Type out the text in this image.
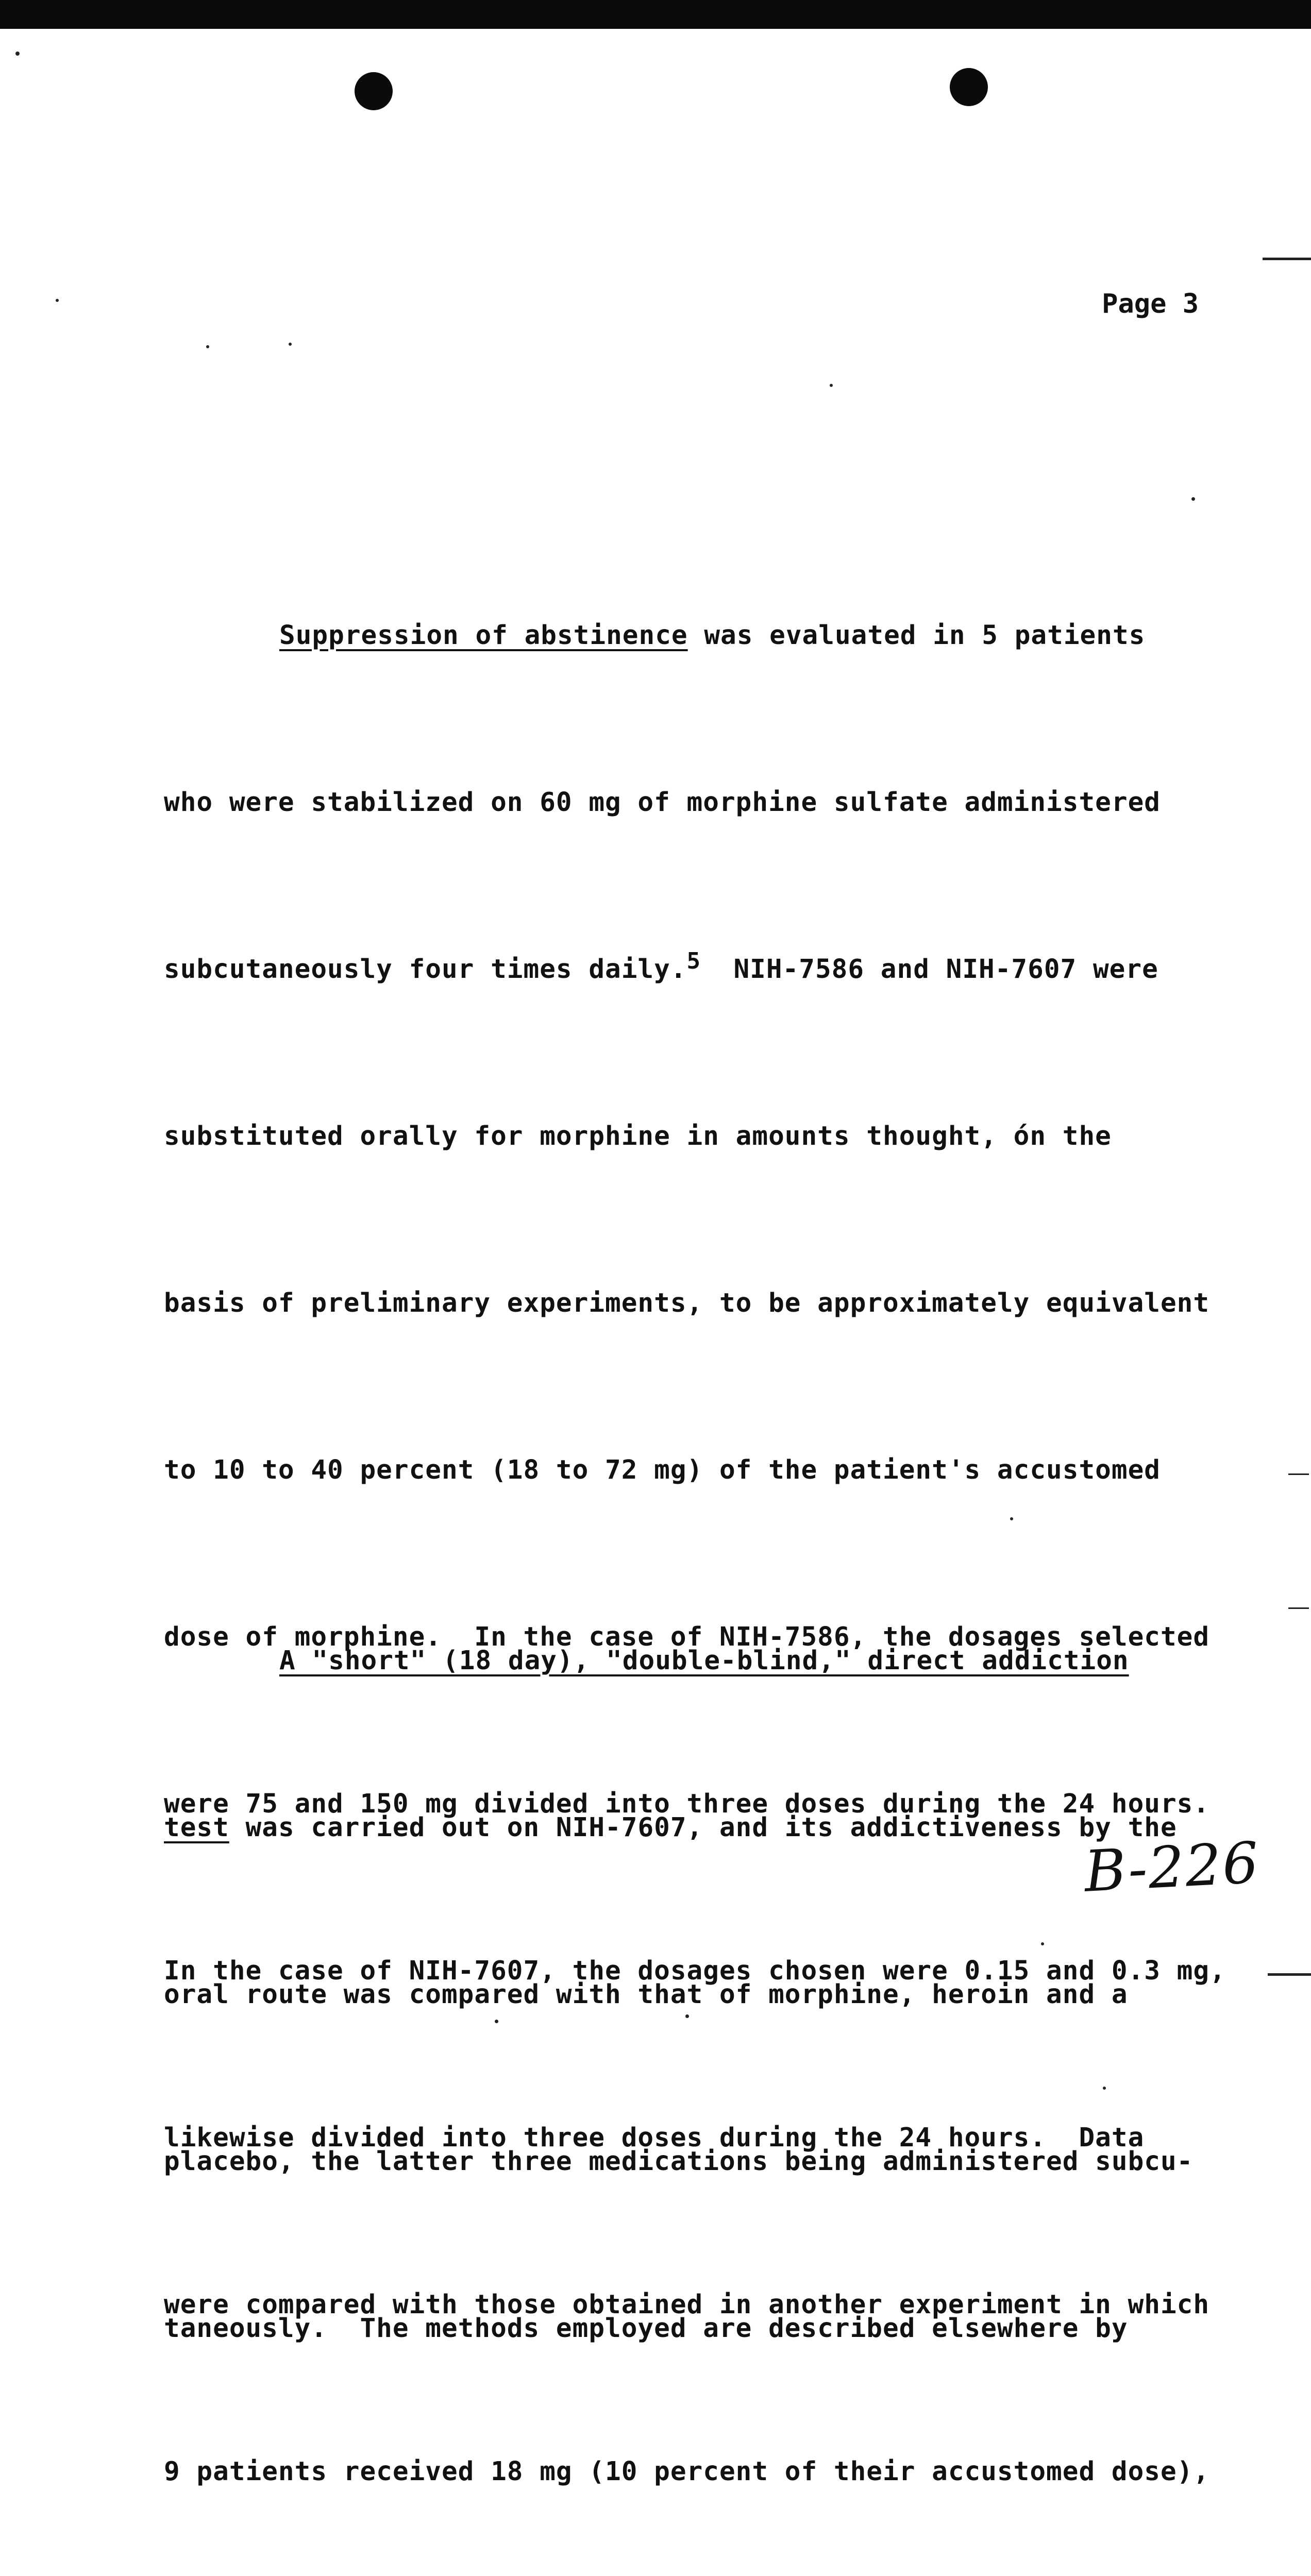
Page 3

Suppression of abstinence was evaluated in 5 patients

who were stabilized on 60 mg of morphine sulfate administered

subcutaneously four times daily.$^5$  NIH-7586 and NIH-7607 were

substituted orally for morphine in amounts thought, ón the

basis of preliminary experiments, to be approximately equivalent

to 10 to 40 percent (18 to 72 mg) of the patient's accustomed

dose of morphine.  In the case of NIH-7586, the dosages selected

were 75 and 150 mg divided into three doses during the 24 hours.

In the case of NIH-7607, the dosages chosen were 0.15 and 0.3 mg,

likewise divided into three doses during the 24 hours.  Data

were compared with those obtained in another experiment in which

9 patients received 18 mg (10 percent of their accustomed dose),

A "short" (18 day), "double-blind," direct addiction

test was carried out on NIH-7607, and its addictiveness by the

oral route was compared with that of morphine, heroin and a

placebo, the latter three medications being administered subcu-

taneously.  The methods employed are described elsewhere by

B-226
